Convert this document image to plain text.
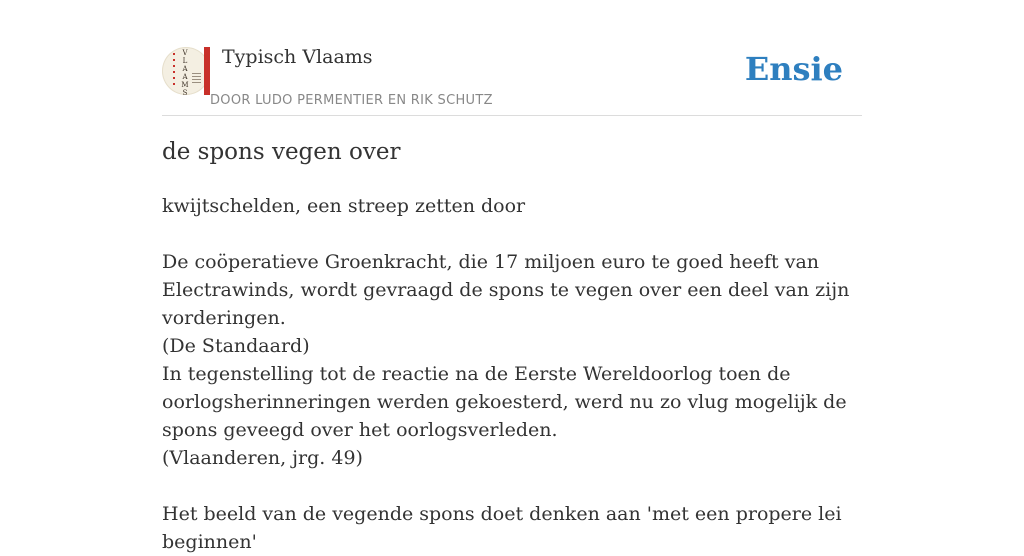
V
L
A
A
M
S
Typisch Vlaams
DOOR LUDO PERMENTIER EN RIK SCHUTZ
Ensie
de spons vegen over

kwijtschelden, een streep zetten door

De coöperatieve Groenkracht, die 17 miljoen euro te goed heeft van Electrawinds, wordt gevraagd de spons te vegen over een deel van zijn vorderingen.

(De Standaard)

In tegenstelling tot de reactie na de Eerste Wereldoorlog toen de oorlogsherinneringen werden gekoesterd, werd nu zo vlug mogelijk de spons geveegd over het oorlogsverleden.

(Vlaanderen, jrg. 49)

Het beeld van de vegende spons doet denken aan 'met een propere lei beginnen'
